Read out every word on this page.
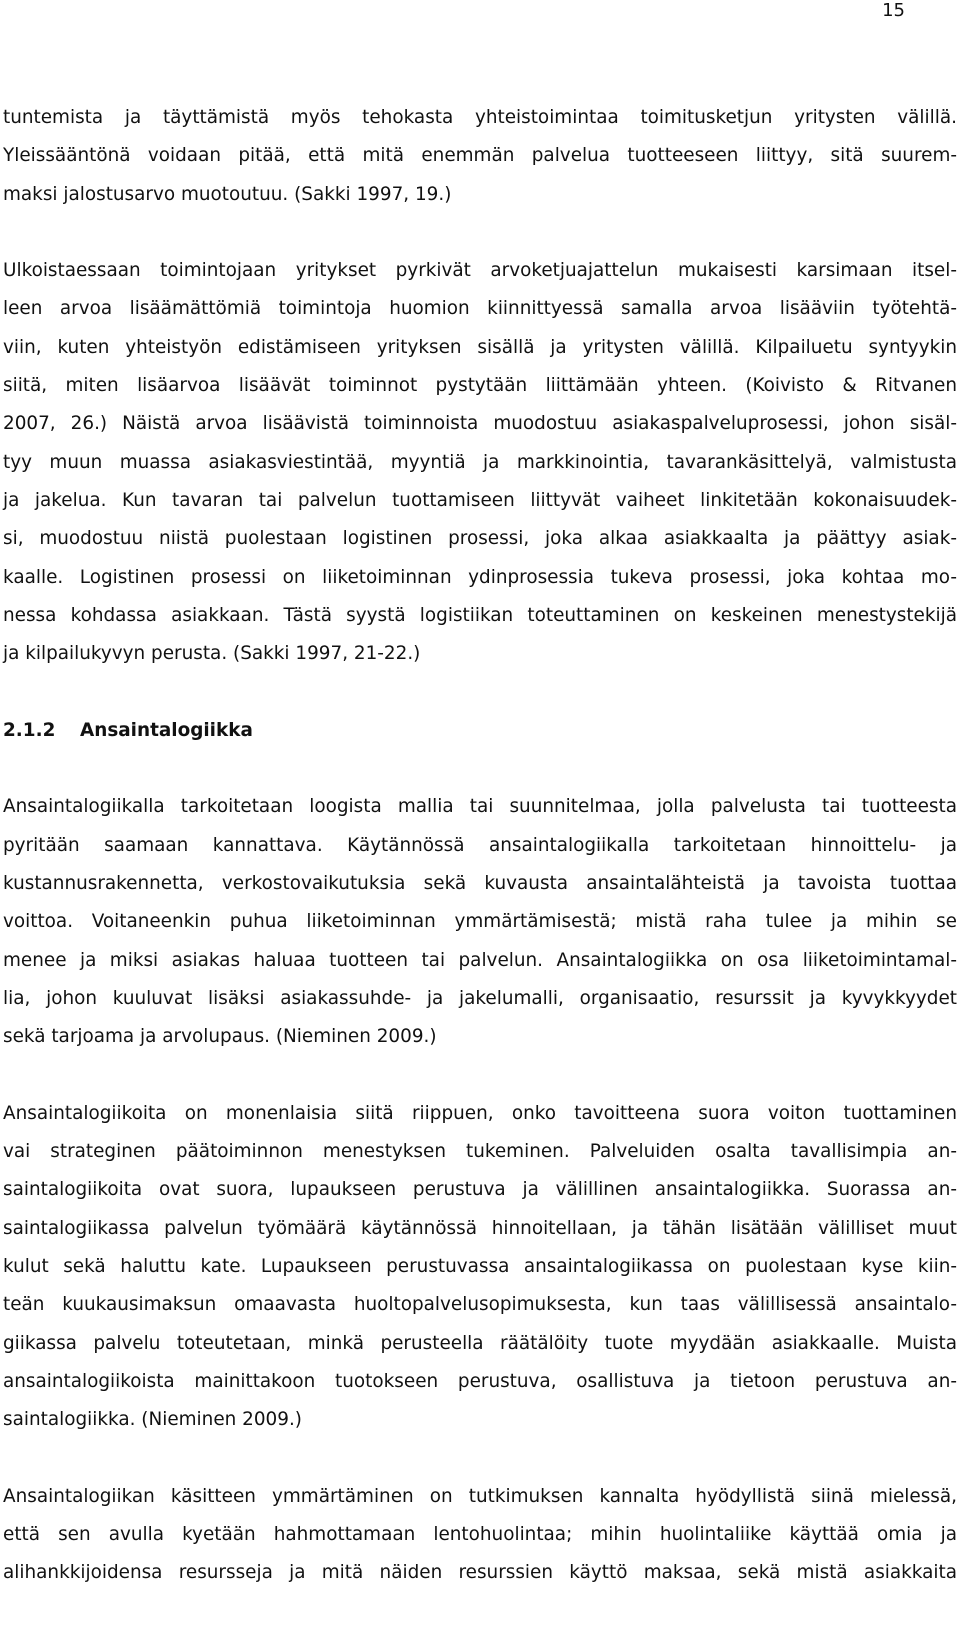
15

tuntemista ja täyttämistä myös tehokasta yhteistoimintaa toimitusketjun yritysten välillä.
Yleissääntönä voidaan pitää, että mitä enemmän palvelua tuotteeseen liittyy, sitä suurem-
maksi jalostusarvo muotoutuu. (Sakki 1997, 19.)

Ulkoistaessaan toimintojaan yritykset pyrkivät arvoketjuajattelun mukaisesti karsimaan itsel-
leen arvoa lisäämättömiä toimintoja huomion kiinnittyessä samalla arvoa lisääviin työtehtä-
viin, kuten yhteistyön edistämiseen yrityksen sisällä ja yritysten välillä. Kilpailuetu syntyykin
siitä, miten lisäarvoa lisäävät toiminnot pystytään liittämään yhteen. (Koivisto & Ritvanen
2007, 26.) Näistä arvoa lisäävistä toiminnoista muodostuu asiakaspalveluprosessi, johon sisäl-
tyy muun muassa asiakasviestintää, myyntiä ja markkinointia, tavarankäsittelyä, valmistusta
ja jakelua. Kun tavaran tai palvelun tuottamiseen liittyvät vaiheet linkitetään kokonaisuudek-
si, muodostuu niistä puolestaan logistinen prosessi, joka alkaa asiakkaalta ja päättyy asiak-
kaalle. Logistinen prosessi on liiketoiminnan ydinprosessia tukeva prosessi, joka kohtaa mo-
nessa kohdassa asiakkaan. Tästä syystä logistiikan toteuttaminen on keskeinen menestystekijä
ja kilpailukyvyn perusta. (Sakki 1997, 21-22.)

2.1.2 Ansaintalogiikka

Ansaintalogiikalla tarkoitetaan loogista mallia tai suunnitelmaa, jolla palvelusta tai tuotteesta
pyritään saamaan kannattava. Käytännössä ansaintalogiikalla tarkoitetaan hinnoittelu- ja
kustannusrakennetta, verkostovaikutuksia sekä kuvausta ansaintalähteistä ja tavoista tuottaa
voittoa. Voitaneenkin puhua liiketoiminnan ymmärtämisestä; mistä raha tulee ja mihin se
menee ja miksi asiakas haluaa tuotteen tai palvelun. Ansaintalogiikka on osa liiketoimintamal-
lia, johon kuuluvat lisäksi asiakassuhde- ja jakelumalli, organisaatio, resurssit ja kyvykkyydet
sekä tarjoama ja arvolupaus. (Nieminen 2009.)

Ansaintalogiikoita on monenlaisia siitä riippuen, onko tavoitteena suora voiton tuottaminen
vai strateginen päätoiminnon menestyksen tukeminen. Palveluiden osalta tavallisimpia an-
saintalogiikoita ovat suora, lupaukseen perustuva ja välillinen ansaintalogiikka. Suorassa an-
saintalogiikassa palvelun työmäärä käytännössä hinnoitellaan, ja tähän lisätään välilliset muut
kulut sekä haluttu kate. Lupaukseen perustuvassa ansaintalogiikassa on puolestaan kyse kiin-
teän kuukausimaksun omaavasta huoltopalvelusopimuksesta, kun taas välillisessä ansaintalo-
giikassa palvelu toteutetaan, minkä perusteella räätälöity tuote myydään asiakkaalle. Muista
ansaintalogiikoista mainittakoon tuotokseen perustuva, osallistuva ja tietoon perustuva an-
saintalogiikka. (Nieminen 2009.)

Ansaintalogiikan käsitteen ymmärtäminen on tutkimuksen kannalta hyödyllistä siinä mielessä,
että sen avulla kyetään hahmottamaan lentohuolintaa; mihin huolintaliike käyttää omia ja
alihankkijoidensa resursseja ja mitä näiden resurssien käyttö maksaa, sekä mistä asiakkaita
